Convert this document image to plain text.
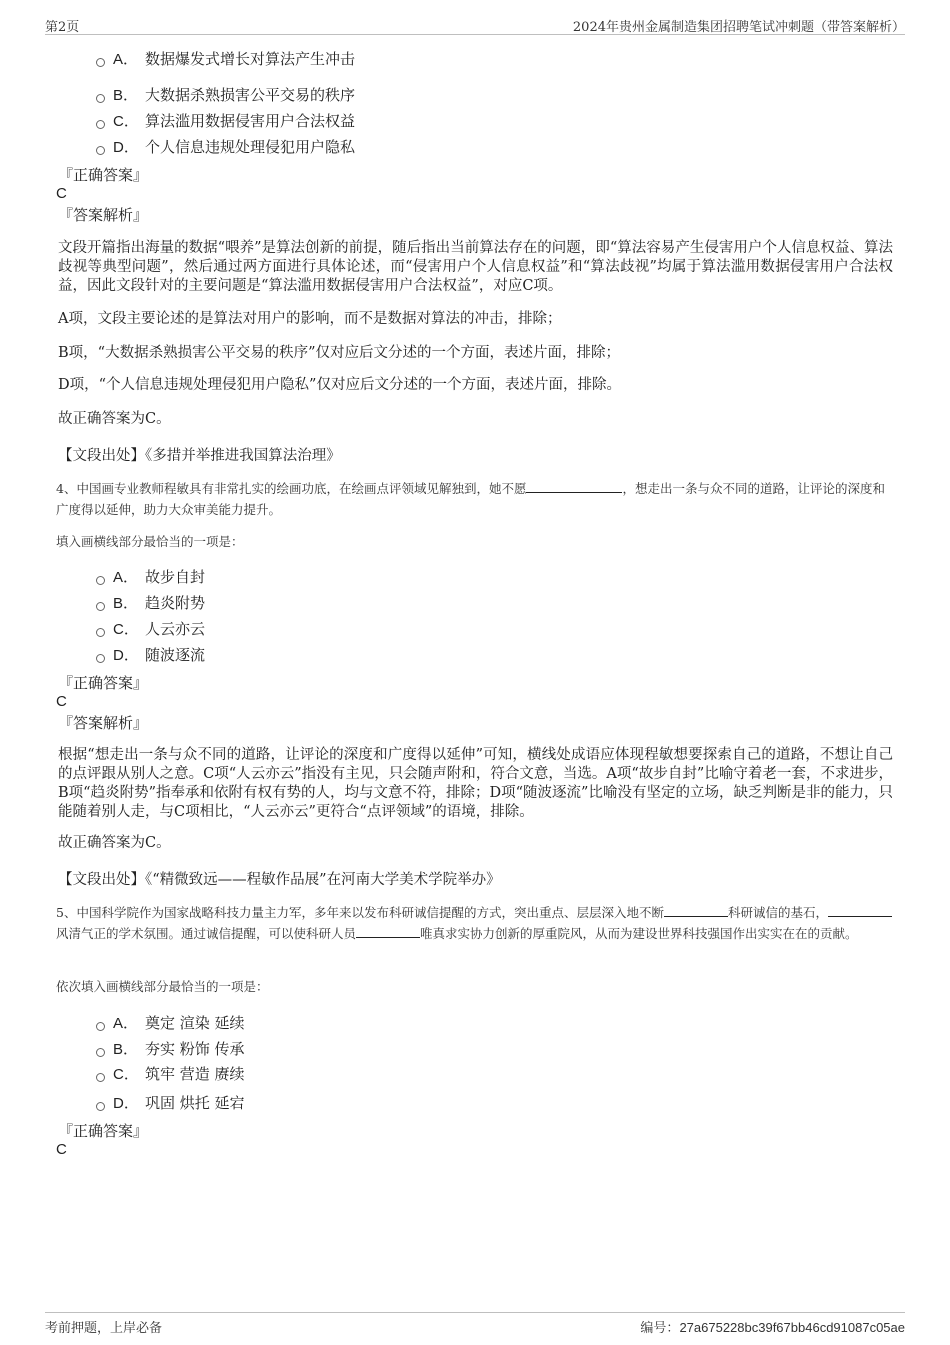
第2页	2024年贵州金属制造集团招聘笔试冲刺题（带答案解析）
A． 数据爆发式增长对算法产生冲击
B． 大数据杀熟损害公平交易的秩序
C． 算法滥用数据侵害用户合法权益
D． 个人信息违规处理侵犯用户隐私
『正确答案』
C
『答案解析』
文段开篇指出海量的数据“喂养”是算法创新的前提，随后指出当前算法存在的问题，即“算法容易产生侵害用户个人信息权益、算法歧视等典型问题”，然后通过两方面进行具体论述，而“侵害用户个人信息权益”和“算法歧视”均属于算法滥用数据侵害用户合法权益，因此文段针对的主要问题是“算法滥用数据侵害用户合法权益”，对应C项。
A项，文段主要论述的是算法对用户的影响，而不是数据对算法的冲击，排除；
B项，“大数据杀熟损害公平交易的秩序”仅对应后文分述的一个方面，表述片面，排除；
D项，“个人信息违规处理侵犯用户隐私”仅对应后文分述的一个方面，表述片面，排除。
故正确答案为C。
【文段出处】《多措并举推进我国算法治理》
4、中国画专业教师程敏具有非常扎实的绘画功底，在绘画点评领域见解独到，她不愿	，想走出一条与众不同的道路，让评论的深度和广度得以延伸，助力大众审美能力提升。
填入画横线部分最恰当的一项是：
A． 故步自封
B． 趋炎附势
C． 人云亦云
D． 随波逐流
『正确答案』
C
『答案解析』
根据“想走出一条与众不同的道路，让评论的深度和广度得以延伸”可知，横线处成语应体现程敏想要探索自己的道路，不想让自己的点评跟从别人之意。C项“人云亦云”指没有主见，只会随声附和，符合文意，当选。A项“故步自封”比喻守着老一套，不求进步，B项“趋炎附势”指奉承和依附有权有势的人，均与文意不符，排除；D项“随波逐流”比喻没有坚定的立场，缺乏判断是非的能力，只能随着别人走，与C项相比，“人云亦云”更符合“点评领域”的语境，排除。
故正确答案为C。
【文段出处】《“精微致远——程敏作品展”在河南大学美术学院举办》
5、中国科学院作为国家战略科技力量主力军，多年来以发布科研诚信提醒的方式，突出重点、层层深入地不断	科研诚信的基石，风清气正的学术氛围。通过诚信提醒，可以使科研人员	唯真求实协力创新的厚重院风，从而为建设世界科技强国作出实实在在的贡献。
依次填入画横线部分最恰当的一项是：
A． 奠定 渲染 延续
B． 夯实 粉饰 传承
C． 筑牢 营造 赓续
D． 巩固 烘托 延宕
『正确答案』
C
考前押题，上岸必备	编号：27a675228bc39f67bb46cd91087c05ae
